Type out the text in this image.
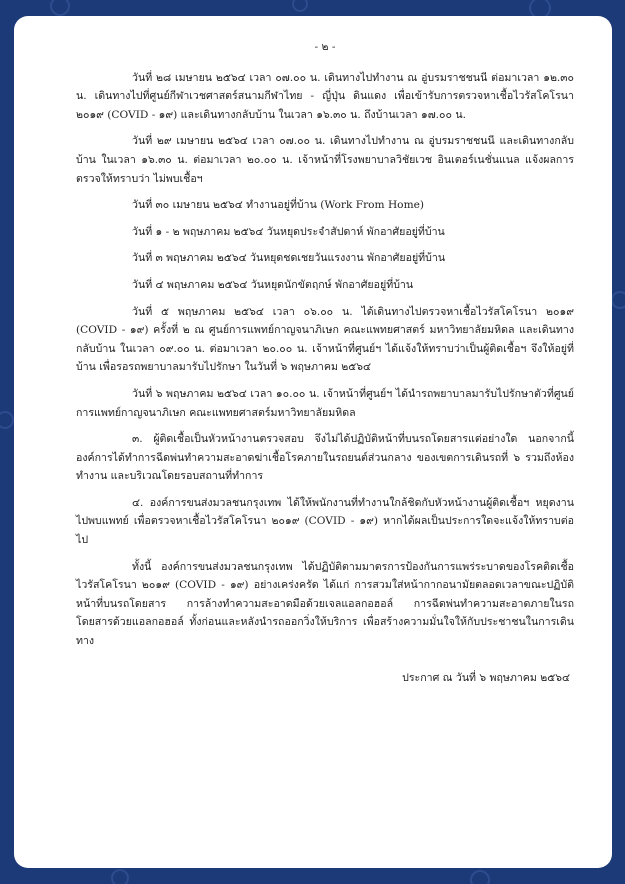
- ๒ -

วันที่ ๒๘ เมษายน ๒๕๖๔ เวลา ๐๗.๐๐ น. เดินทางไปทำงาน ณ อู่บรมราชชนนี ต่อมาเวลา ๑๒.๓๐ น. เดินทางไปที่ศูนย์กีฬาเวชศาสตร์สนามกีฬาไทย - ญี่ปุ่น ดินแดง เพื่อเข้ารับการตรวจหาเชื้อไวรัสโคโรนา ๒๐๑๙ (COVID - ๑๙) และเดินทางกลับบ้าน ในเวลา ๑๖.๓๐ น. ถึงบ้านเวลา ๑๗.๐๐ น.

วันที่ ๒๙ เมษายน ๒๕๖๔ เวลา ๐๗.๐๐ น. เดินทางไปทำงาน ณ อู่บรมราชชนนี และเดินทางกลับบ้าน ในเวลา ๑๖.๓๐ น. ต่อมาเวลา ๒๐.๐๐ น. เจ้าหน้าที่โรงพยาบาลวิชัยเวช อินเตอร์เนชั่นแนล แจ้งผลการตรวจให้ทราบว่า ไม่พบเชื้อฯ

วันที่ ๓๐ เมษายน ๒๕๖๔ ทำงานอยู่ที่บ้าน (Work From Home)

วันที่ ๑ - ๒ พฤษภาคม ๒๕๖๔ วันหยุดประจำสัปดาห์ พักอาศัยอยู่ที่บ้าน

วันที่ ๓ พฤษภาคม ๒๕๖๔ วันหยุดชดเชยวันแรงงาน พักอาศัยอยู่ที่บ้าน

วันที่ ๔ พฤษภาคม ๒๕๖๔ วันหยุดนักขัตฤกษ์ พักอาศัยอยู่ที่บ้าน

วันที่ ๕ พฤษภาคม ๒๕๖๔ เวลา ๐๖.๐๐ น. ได้เดินทางไปตรวจหาเชื้อไวรัสโคโรนา ๒๐๑๙ (COVID - ๑๙) ครั้งที่ ๒ ณ ศูนย์การแพทย์กาญจนาภิเษก คณะแพทยศาสตร์ มหาวิทยาลัยมหิดล และเดินทางกลับบ้าน ในเวลา ๐๙.๐๐ น. ต่อมาเวลา ๒๐.๐๐ น. เจ้าหน้าที่ศูนย์ฯ ได้แจ้งให้ทราบว่าเป็นผู้ติดเชื้อฯ จึงให้อยู่ที่บ้าน เพื่อรอรถพยาบาลมารับไปรักษา ในวันที่ ๖ พฤษภาคม ๒๕๖๔

วันที่ ๖ พฤษภาคม ๒๕๖๔ เวลา ๑๐.๐๐ น. เจ้าหน้าที่ศูนย์ฯ ได้นำรถพยาบาลมารับไปรักษาตัวที่ศูนย์การแพทย์กาญจนาภิเษก คณะแพทยศาสตร์มหาวิทยาลัยมหิดล

๓. ผู้ติดเชื้อเป็นหัวหน้างานตรวจสอบ จึงไม่ได้ปฏิบัติหน้าที่บนรถโดยสารแต่อย่างใด นอกจากนี้ องค์การได้ทำการฉีดพ่นทำความสะอาดฆ่าเชื้อโรคภายในรถยนต์ส่วนกลาง ของเขตการเดินรถที่ ๖ รวมถึงห้องทำงาน และบริเวณโดยรอบสถานที่ทำการ

๔. องค์การขนส่งมวลชนกรุงเทพ ได้ให้พนักงานที่ทำงานใกล้ชิดกับหัวหน้างานผู้ติดเชื้อฯ หยุดงานไปพบแพทย์ เพื่อตรวจหาเชื้อไวรัสโคโรนา ๒๐๑๙ (COVID - ๑๙) หากได้ผลเป็นประการใดจะแจ้งให้ทราบต่อไป

ทั้งนี้ องค์การขนส่งมวลชนกรุงเทพ ได้ปฏิบัติตามมาตรการป้องกันการแพร่ระบาดของโรคติดเชื้อไวรัสโคโรนา ๒๐๑๙ (COVID - ๑๙) อย่างเคร่งครัด ได้แก่ การสวมใส่หน้ากากอนามัยตลอดเวลาขณะปฏิบัติหน้าที่บนรถโดยสาร การล้างทำความสะอาดมือด้วยเจลแอลกอฮอล์ การฉีดพ่นทำความสะอาดภายในรถโดยสารด้วยแอลกอฮอล์ ทั้งก่อนและหลังนำรถออกวิ่งให้บริการ เพื่อสร้างความมั่นใจให้กับประชาชนในการเดินทาง

ประกาศ ณ วันที่ ๖ พฤษภาคม ๒๕๖๔
